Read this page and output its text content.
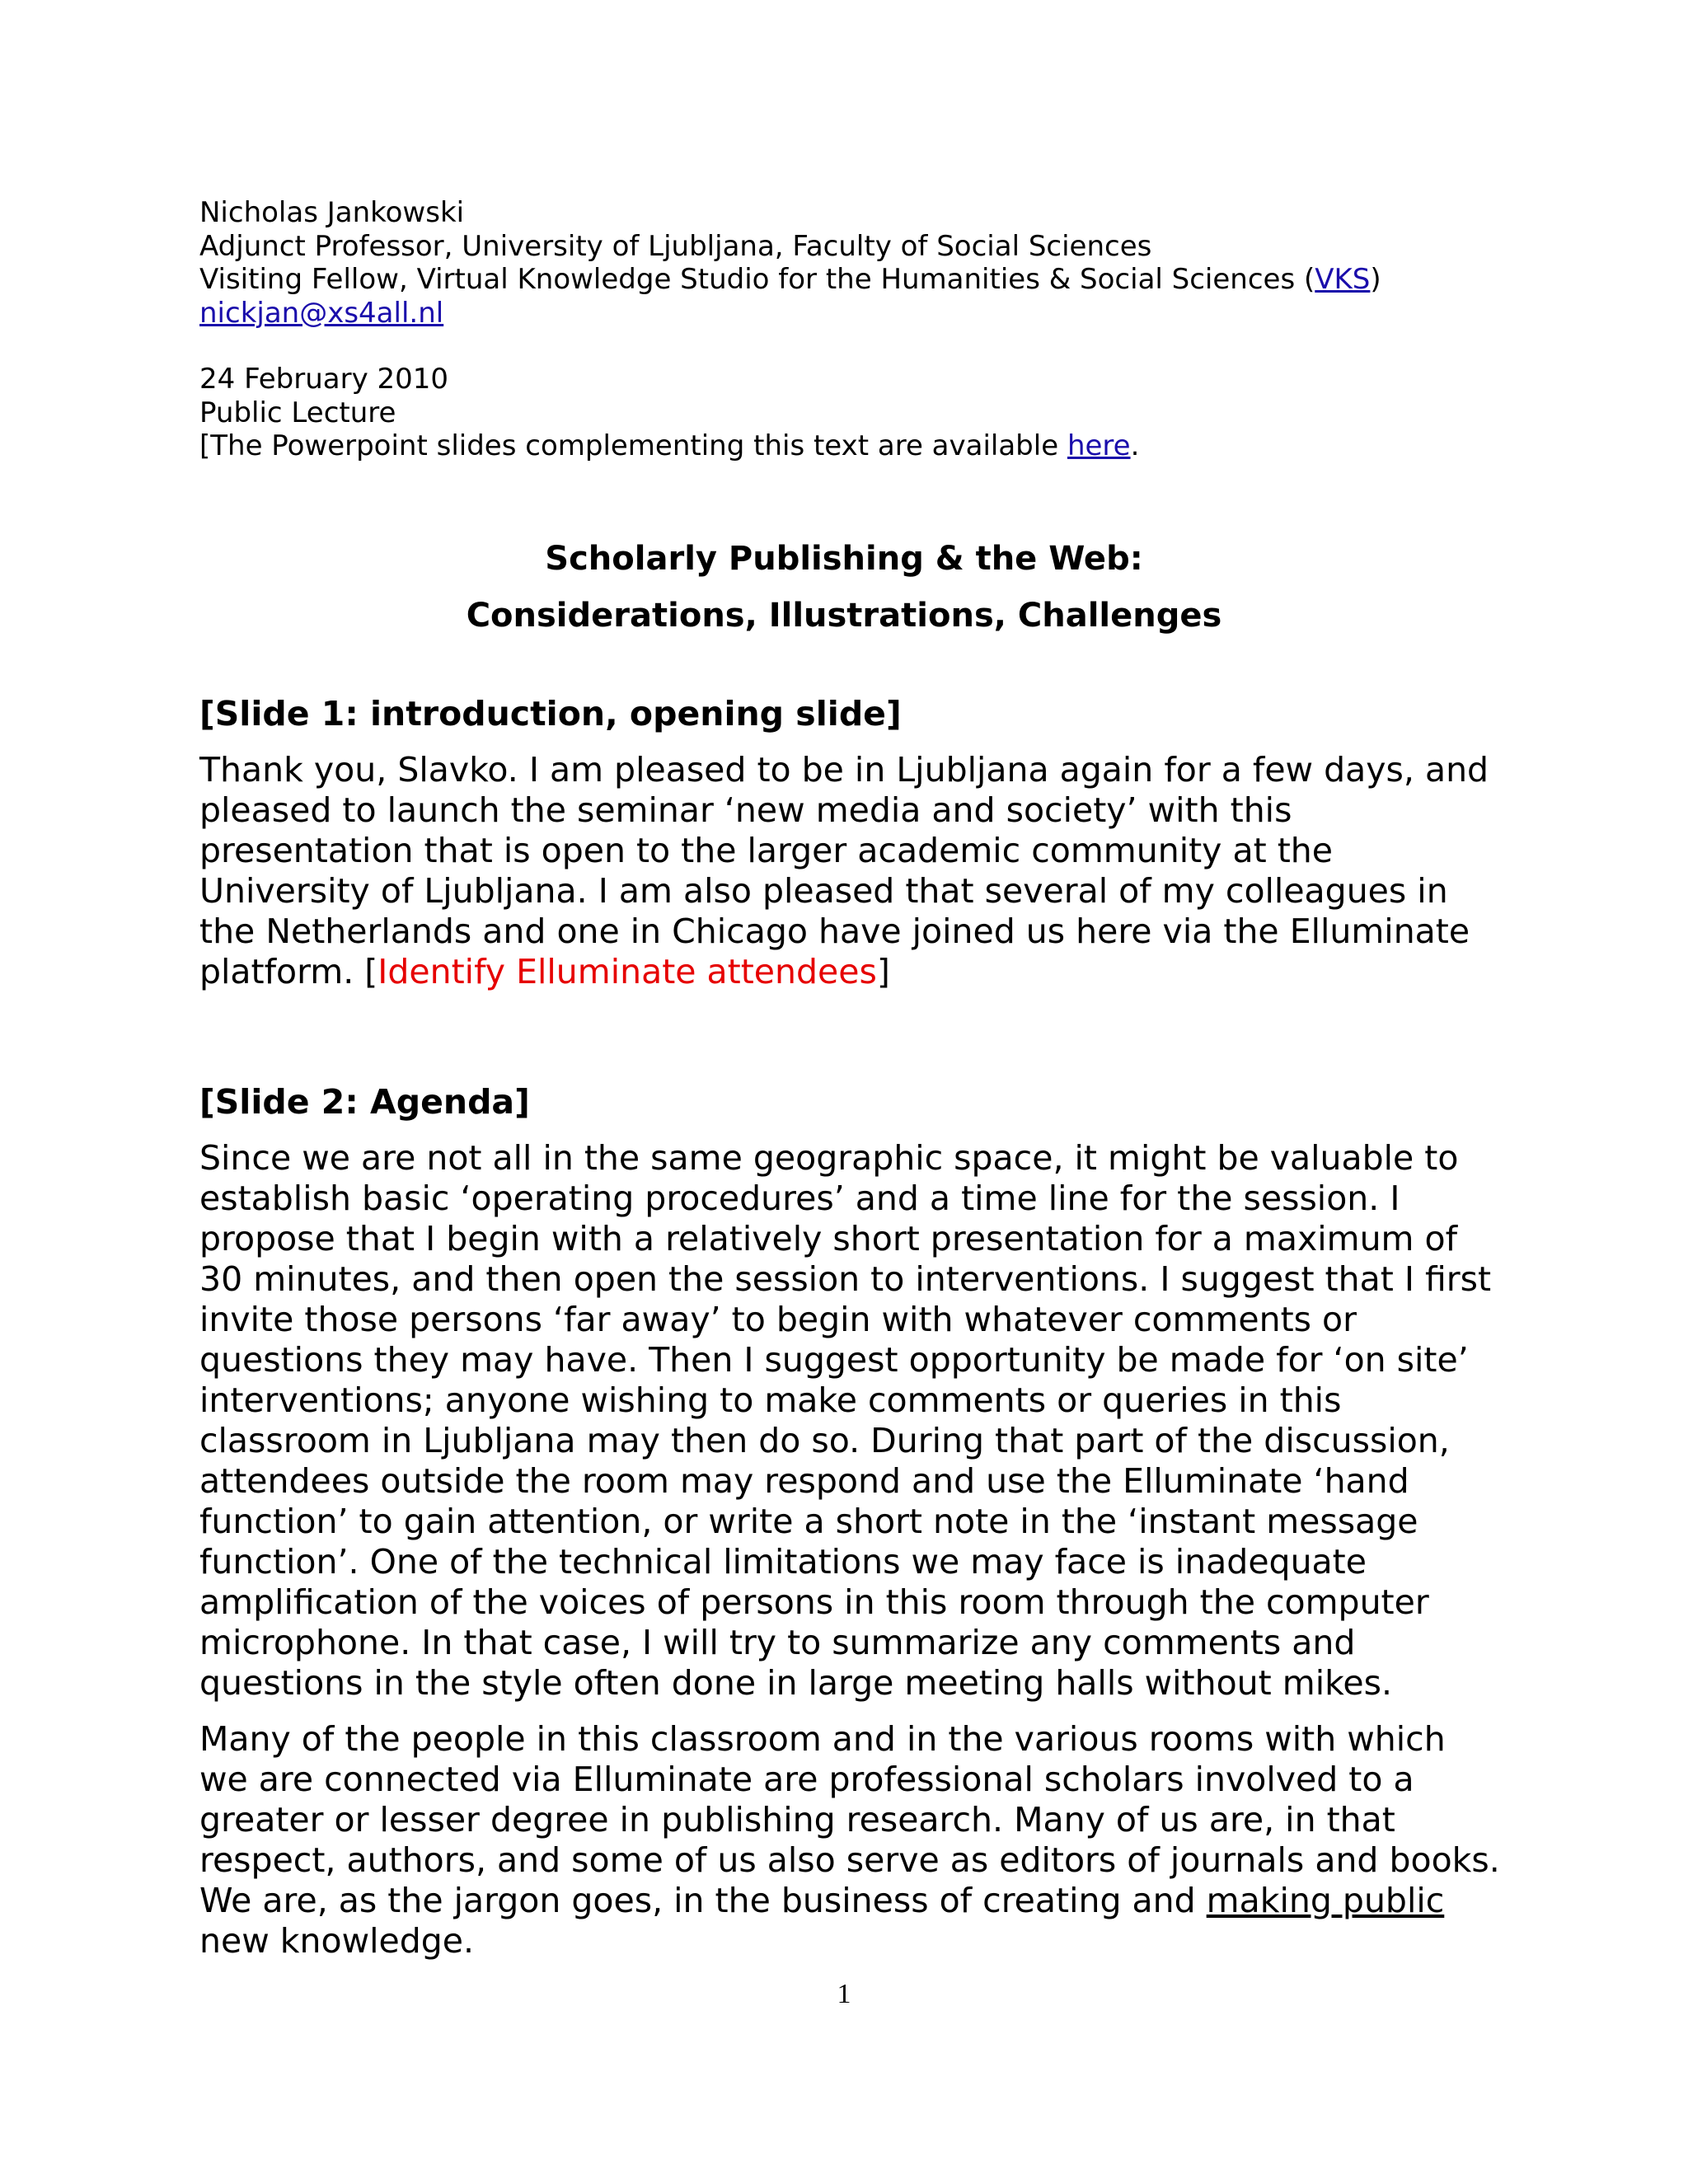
Nicholas Jankowski
Adjunct Professor, University of Ljubljana, Faculty of Social Sciences
Visiting Fellow, Virtual Knowledge Studio for the Humanities & Social Sciences (VKS)
nickjan@xs4all.nl
24 February 2010
Public Lecture
[The Powerpoint slides complementing this text are available here.
Scholarly Publishing & the Web:
Considerations, Illustrations, Challenges
[Slide 1: introduction, opening slide]

Thank you, Slavko. I am pleased to be in Ljubljana again for a few days, and pleased to launch the seminar ‘new media and society’ with this presentation that is open to the larger academic community at the University of Ljubljana. I am also pleased that several of my colleagues in the Netherlands and one in Chicago have joined us here via the Elluminate platform. [Identify Elluminate attendees]

[Slide 2: Agenda]

Since we are not all in the same geographic space, it might be valuable to establish basic ‘operating procedures’ and a time line for the session. I propose that I begin with a relatively short presentation for a maximum of 30 minutes, and then open the session to interventions. I suggest that I first invite those persons ‘far away’ to begin with whatever comments or questions they may have. Then I suggest opportunity be made for ‘on site’ interventions; anyone wishing to make comments or queries in this classroom in Ljubljana may then do so. During that part of the discussion, attendees outside the room may respond and use the Elluminate ‘hand function’ to gain attention, or write a short note in the ‘instant message function’. One of the technical limitations we may face is inadequate amplification of the voices of persons in this room through the computer microphone. In that case, I will try to summarize any comments and questions in the style often done in large meeting halls without mikes.

Many of the people in this classroom and in the various rooms with which we are connected via Elluminate are professional scholars involved to a greater or lesser degree in publishing research. Many of us are, in that respect, authors, and some of us also serve as editors of journals and books. We are, as the jargon goes, in the business of creating and making public new knowledge.

1
